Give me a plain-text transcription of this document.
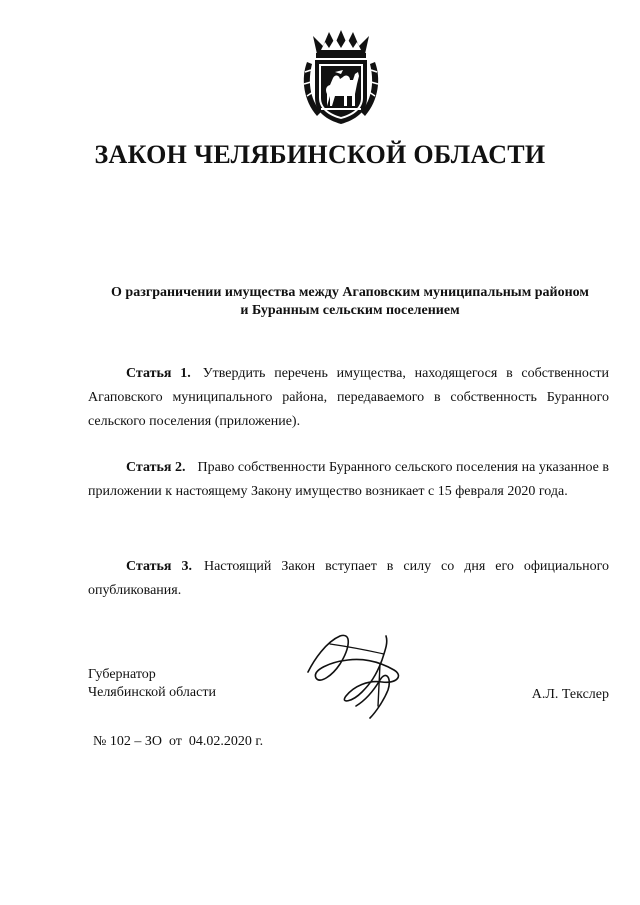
ЗАКОН ЧЕЛЯБИНСКОЙ ОБЛАСТИ
О разграничении имущества между Агаповским муниципальным районом
и Буранным сельским поселением
Статья 1. Утвердить перечень имущества, находящегося в собственности Агаповского муниципального района, передаваемого в собственность Буранного сельского поселения (приложение).
Статья 2. Право собственности Буранного сельского поселения на указанное в приложении к настоящему Закону имущество возникает с 15 февраля 2020 года.
Статья 3. Настоящий Закон вступает в силу со дня его официального опубликования.
Губернатор
Челябинской области	А.Л. Текслер
№ 102 – ЗО  от  04.02.2020 г.
